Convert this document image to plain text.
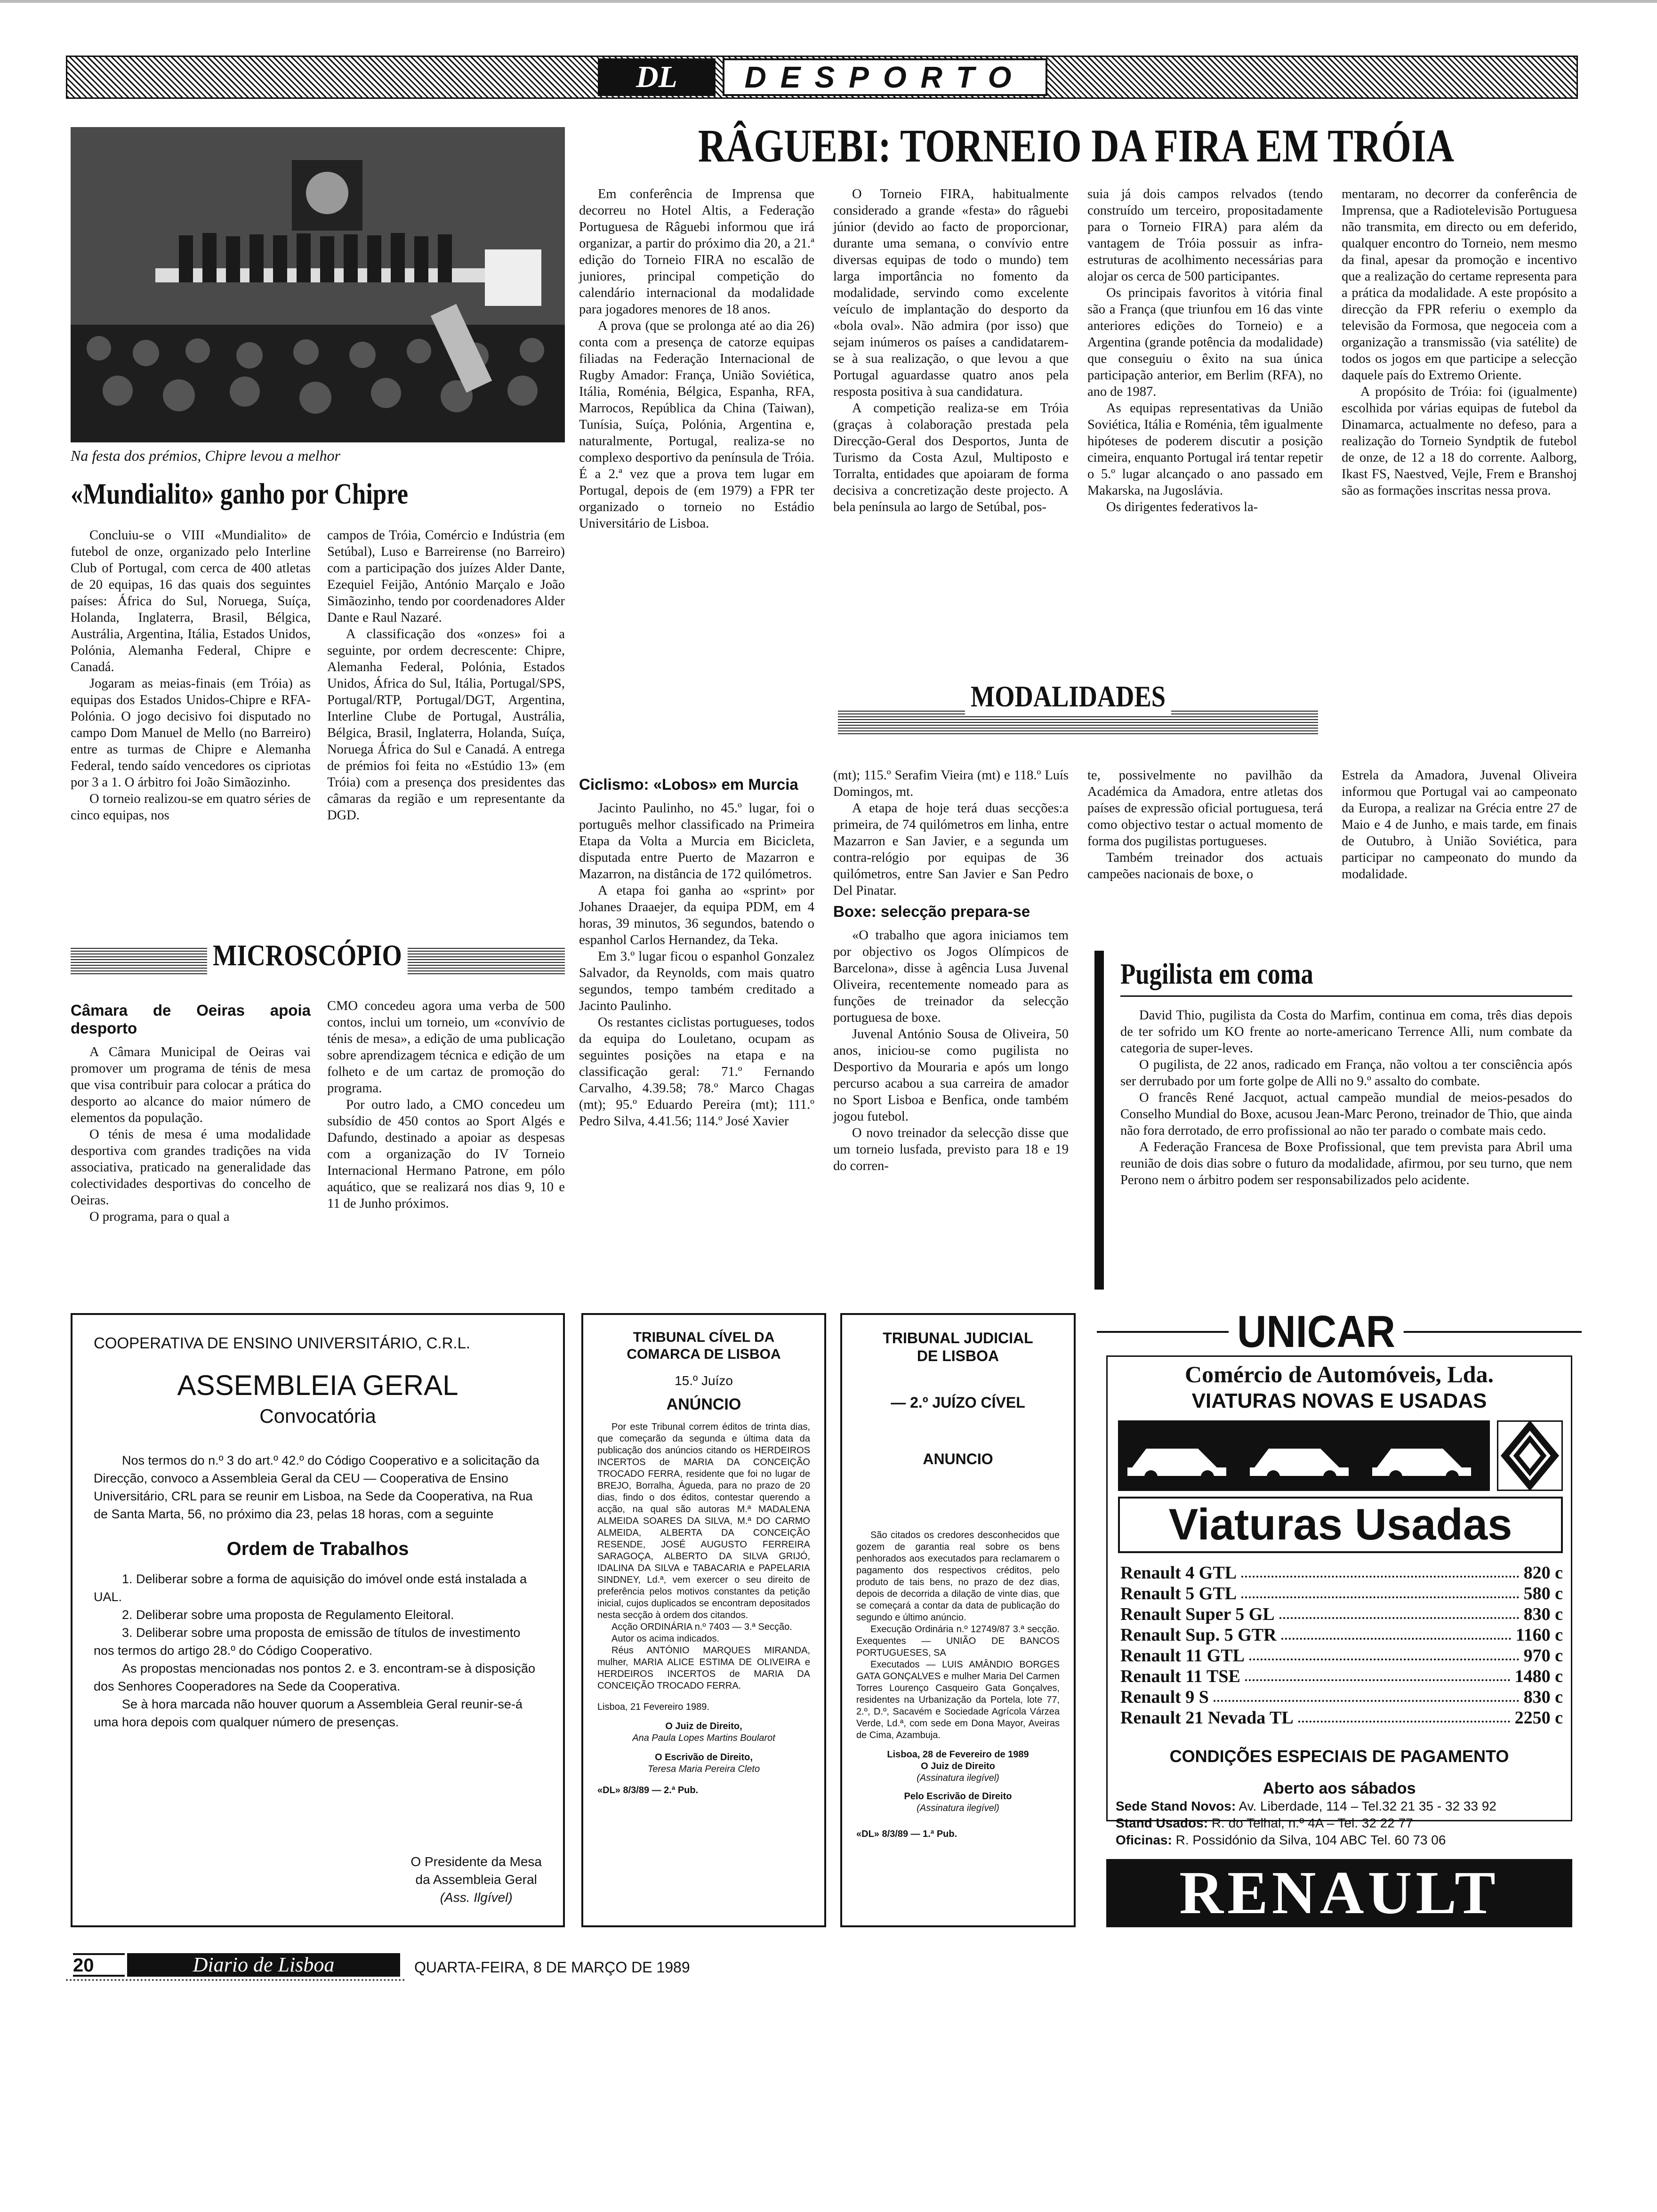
DL	DESPORTO
Na festa dos prémios, Chipre levou a melhor
RÂGUEBI: TORNEIO DA FIRA EM TRÓIA

Em conferência de Imprensa que decorreu no Hotel Altis, a Federação Portuguesa de Râguebi informou que irá organizar, a partir do próximo dia 20, a 21.ª edição do Torneio FIRA no escalão de juniores, principal competição do calendário internacional da modalidade para jogadores menores de 18 anos.

A prova (que se prolonga até ao dia 26) conta com a presença de catorze equipas filiadas na Federação Internacional de Rugby Amador: França, União Soviética, Itália, Roménia, Bélgica, Espanha, RFA, Marrocos, República da China (Taiwan), Tunísia, Suíça, Polónia, Argentina e, naturalmente, Portugal, realiza-se no complexo desportivo da península de Tróia. É a 2.ª vez que a prova tem lugar em Portugal, depois de (em 1979) a FPR ter organizado o torneio no Estádio Universitário de Lisboa.

O Torneio FIRA, habitualmente considerado a grande «festa» do râguebi júnior (devido ao facto de proporcionar, durante uma semana, o convívio entre diversas equipas de todo o mundo) tem larga importância no fomento da modalidade, servindo como excelente veículo de implantação do desporto da «bola oval». Não admira (por isso) que sejam inúmeros os países a candidatarem-se à sua realização, o que levou a que Portugal aguardasse quatro anos pela resposta positiva à sua candidatura.

A competição realiza-se em Tróia (graças à colaboração prestada pela Direcção-Geral dos Desportos, Junta de Turismo da Costa Azul, Multiposto e Torralta, entidades que apoiaram de forma decisiva a concretização deste projecto. A bela península ao largo de Setúbal, pos-

suia já dois campos relvados (tendo construído um terceiro, propositadamente para o Torneio FIRA) para além da vantagem de Tróia possuir as infra-estruturas de acolhimento necessárias para alojar os cerca de 500 participantes.

Os principais favoritos à vitória final são a França (que triunfou em 16 das vinte anteriores edições do Torneio) e a Argentina (grande potência da modalidade) que conseguiu o êxito na sua única participação anterior, em Berlim (RFA), no ano de 1987.

As equipas representativas da União Soviética, Itália e Roménia, têm igualmente hipóteses de poderem discutir a posição cimeira, enquanto Portugal irá tentar repetir o 5.º lugar alcançado o ano passado em Makarska, na Jugoslávia.

Os dirigentes federativos la-

mentaram, no decorrer da conferência de Imprensa, que a Radiotelevisão Portuguesa não transmita, em directo ou em deferido, qualquer encontro do Torneio, nem mesmo da final, apesar da promoção e incentivo que a realização do certame representa para a prática da modalidade. A este propósito a direcção da FPR referiu o exemplo da televisão da Formosa, que negoceia com a organização a transmissão (via satélite) de todos os jogos em que participe a selecção daquele país do Extremo Oriente.

A propósito de Tróia: foi (igualmente) escolhida por várias equipas de futebol da Dinamarca, actualmente no defeso, para a realização do Torneio Syndptik de futebol de onze, de 12 a 18 do corrente. Aalborg, Ikast FS, Naestved, Vejle, Frem e Branshoj são as formações inscritas nessa prova.

«Mundialito» ganho por Chipre

Concluiu-se o VIII «Mundialito» de futebol de onze, organizado pelo Interline Club of Portugal, com cerca de 400 atletas de 20 equipas, 16 das quais dos seguintes países: África do Sul, Noruega, Suíça, Holanda, Inglaterra, Brasil, Bélgica, Austrália, Argentina, Itália, Estados Unidos, Polónia, Alemanha Federal, Chipre e Canadá.

Jogaram as meias-finais (em Tróia) as equipas dos Estados Unidos-Chipre e RFA-Polónia. O jogo decisivo foi disputado no campo Dom Manuel de Mello (no Barreiro) entre as turmas de Chipre e Alemanha Federal, tendo saído vencedores os cipriotas por 3 a 1. O árbitro foi João Simãozinho.

O torneio realizou-se em quatro séries de cinco equipas, nos

campos de Tróia, Comércio e Indústria (em Setúbal), Luso e Barreirense (no Barreiro) com a participação dos juízes Alder Dante, Ezequiel Feijão, António Marçalo e João Simãozinho, tendo por coordenadores Alder Dante e Raul Nazaré.

A classificação dos «onzes» foi a seguinte, por ordem decrescente: Chipre, Alemanha Federal, Polónia, Estados Unidos, África do Sul, Itália, Portugal/SPS, Portugal/RTP, Portugal/DGT, Argentina, Interline Clube de Portugal, Austrália, Bélgica, Brasil, Inglaterra, Holanda, Suíça, Noruega África do Sul e Canadá. A entrega de prémios foi feita no «Estúdio 13» (em Tróia) com a presença dos presidentes das câmaras da região e um representante da DGD.

MICROSCÓPIO
Câmara de Oeiras apoia desporto

A Câmara Municipal de Oeiras vai promover um programa de ténis de mesa que visa contribuir para colocar a prática do desporto ao alcance do maior número de elementos da população.

O ténis de mesa é uma modalidade desportiva com grandes tradições na vida associativa, praticado na generalidade das colectividades desportivas do concelho de Oeiras.

O programa, para o qual a

CMO concedeu agora uma verba de 500 contos, inclui um torneio, um «convívio de ténis de mesa», a edição de uma publicação sobre aprendizagem técnica e edição de um folheto e de um cartaz de promoção do programa.

Por outro lado, a CMO concedeu um subsídio de 450 contos ao Sport Algés e Dafundo, destinado a apoiar as despesas com a organização do IV Torneio Internacional Hermano Patrone, em pólo aquático, que se realizará nos dias 9, 10 e 11 de Junho próximos.

MODALIDADES
Ciclismo: «Lobos» em Murcia

Jacinto Paulinho, no 45.º lugar, foi o português melhor classificado na Primeira Etapa da Volta a Murcia em Bicicleta, disputada entre Puerto de Mazarron e Mazarron, na distância de 172 quilómetros.

A etapa foi ganha ao «sprint» por Johanes Draaejer, da equipa PDM, em 4 horas, 39 minutos, 36 segundos, batendo o espanhol Carlos Hernandez, da Teka.

Em 3.º lugar ficou o espanhol Gonzalez Salvador, da Reynolds, com mais quatro segundos, tempo também creditado a Jacinto Paulinho.

Os restantes ciclistas portugueses, todos da equipa do Louletano, ocupam as seguintes posições na etapa e na classificação geral: 71.º Fernando Carvalho, 4.39.58; 78.º Marco Chagas (mt); 95.º Eduardo Pereira (mt); 111.º Pedro Silva, 4.41.56; 114.º José Xavier

(mt); 115.º Serafim Vieira (mt) e 118.º Luís Domingos, mt.

A etapa de hoje terá duas secções:a primeira, de 74 quilómetros em linha, entre Mazarron e San Javier, e a segunda um contra-relógio por equipas de 36 quilómetros, entre San Javier e San Pedro Del Pinatar.

Boxe: selecção prepara-se

«O trabalho que agora iniciamos tem por objectivo os Jogos Olímpicos de Barcelona», disse à agência Lusa Juvenal Oliveira, recentemente nomeado para as funções de treinador da selecção portuguesa de boxe.

Juvenal António Sousa de Oliveira, 50 anos, iniciou-se como pugilista no Desportivo da Mouraria e após um longo percurso acabou a sua carreira de amador no Sport Lisboa e Benfica, onde também jogou futebol.

O novo treinador da selecção disse que um torneio lusfada, previsto para 18 e 19 do corren-

te, possivelmente no pavilhão da Académica da Amadora, entre atletas dos países de expressão oficial portuguesa, terá como objectivo testar o actual momento de forma dos pugilistas portugueses.

Também treinador dos actuais campeões nacionais de boxe, o

Estrela da Amadora, Juvenal Oliveira informou que Portugal vai ao campeonato da Europa, a realizar na Grécia entre 27 de Maio e 4 de Junho, e mais tarde, em finais de Outubro, à União Soviética, para participar no campeonato do mundo da modalidade.

Pugilista em coma

David Thio, pugilista da Costa do Marfim, continua em coma, três dias depois de ter sofrido um KO frente ao norte-americano Terrence Alli, num combate da categoria de super-leves.

O pugilista, de 22 anos, radicado em França, não voltou a ter consciência após ser derrubado por um forte golpe de Alli no 9.º assalto do combate.

O francês René Jacquot, actual campeão mundial de meios-pesados do Conselho Mundial do Boxe, acusou Jean-Marc Perono, treinador de Thio, que ainda não fora derrotado, de erro profissional ao não ter parado o combate mais cedo.

A Federação Francesa de Boxe Profissional, que tem prevista para Abril uma reunião de dois dias sobre o futuro da modalidade, afirmou, por seu turno, que nem Perono nem o árbitro podem ser responsabilizados pelo acidente.

COOPERATIVA DE ENSINO UNIVERSITÁRIO, C.R.L.
ASSEMBLEIA GERAL
Convocatória
Nos termos do n.º 3 do art.º 42.º do Código Cooperativo e a solicitação da Direcção, convoco a Assembleia Geral da CEU — Cooperativa de Ensino Universitário, CRL para se reunir em Lisboa, na Sede da Cooperativa, na Rua de Santa Marta, 56, no próximo dia 23, pelas 18 horas, com a seguinte
Ordem de Trabalhos
1. Deliberar sobre a forma de aquisição do imóvel onde está instalada a UAL.
2. Deliberar sobre uma proposta de Regulamento Eleitoral.
3. Deliberar sobre uma proposta de emissão de títulos de investimento nos termos do artigo 28.º do Código Cooperativo.
As propostas mencionadas nos pontos 2. e 3. encontram-se à disposição dos Senhores Cooperadores na Sede da Cooperativa.
Se à hora marcada não houver quorum a Assembleia Geral reunir-se-á uma hora depois com qualquer número de presenças.
O Presidente da Mesa
da Assembleia Geral
(Ass. Ilgível)
TRIBUNAL CÍVEL DA COMARCA DE LISBOA
15.º Juízo
ANÚNCIO
Por este Tribunal correm éditos de trinta dias, que começarão da segunda e última data da publicação dos anúncios citando os HERDEIROS INCERTOS de MARIA DA CONCEIÇÃO TROCADO FERRA, residente que foi no lugar de BREJO, Borralha, Águeda, para no prazo de 20 dias, findo o dos éditos, contestar querendo a acção, na qual são autoras M.ª MADALENA ALMEIDA SOARES DA SILVA, M.ª DO CARMO ALMEIDA, ALBERTA DA CONCEIÇÃO RESENDE, JOSÉ AUGUSTO FERREIRA SARAGOÇA, ALBERTO DA SILVA GRIJÓ, IDALINA DA SILVA e TABACARIA e PAPELARIA SINDNEY, Ld.ª, vem exercer o seu direito de preferência pelos motivos constantes da petição inicial, cujos duplicados se encontram depositados nesta secção à ordem dos citandos.
Acção ORDINÁRIA n.º 7403 — 3.ª Secção.
Autor os acima indicados.
Réus ANTÓNIO MARQUES MIRANDA, mulher, MARIA ALICE ESTIMA DE OLIVEIRA e HERDEIROS INCERTOS de MARIA DA CONCEIÇÃO TROCADO FERRA.
Lisboa, 21 Fevereiro 1989.
O Juiz de Direito,
Ana Paula Lopes Martins Boularot
O Escrivão de Direito,
Teresa Maria Pereira Cleto
«DL» 8/3/89 — 2.ª Pub.
TRIBUNAL JUDICIAL DE LISBOA
— 2.º JUÍZO CÍVEL
ANUNCIO
São citados os credores desconhecidos que gozem de garantia real sobre os bens penhorados aos executados para reclamarem o pagamento dos respectivos créditos, pelo produto de tais bens, no prazo de dez dias, depois de decorrida a dilação de vinte dias, que se começará a contar da data de publicação do segundo e último anúncio.
Execução Ordinária n.º 12749/87 3.ª secção. Exequentes — UNIÃO DE BANCOS PORTUGUESES, SA
Executados — LUIS AMÂNDIO BORGES GATA GONÇALVES e mulher Maria Del Carmen Torres Lourenço Casqueiro Gata Gonçalves, residentes na Urbanização da Portela, lote 77, 2.º, D.º, Sacavém e Sociedade Agrícola Várzea Verde, Ld.ª, com sede em Dona Mayor, Aveiras de Cima, Azambuja.
Lisboa, 28 de Fevereiro de 1989
O Juiz de Direito
(Assinatura ilegível)
Pelo Escrivão de Direito
(Assinatura ilegível)
«DL» 8/3/89 — 1.ª Pub.
UNICAR
Comércio de Automóveis, Lda.
VIATURAS NOVAS E USADAS
Viaturas Usadas
Renault 4 GTL	820 c
Renault 5 GTL	580 c
Renault Super 5 GL	830 c
Renault Sup. 5 GTR	1160 c
Renault 11 GTL	970 c
Renault 11 TSE	1480 c
Renault 9 S	830 c
Renault 21 Nevada TL	2250 c
CONDIÇÕES ESPECIAIS DE PAGAMENTO
Aberto aos sábados
Sede Stand Novos: Av. Liberdade, 114 – Tel.32 21 35 - 32 33 92
Stand Usados: R. do Telhal, n.º 4A – Tel. 32 22 77
Oficinas: R. Possidónio da Silva, 104 ABC Tel. 60 73 06
RENAULT
20	Diario de Lisboa	QUARTA-FEIRA, 8 DE MARÇO DE 1989
